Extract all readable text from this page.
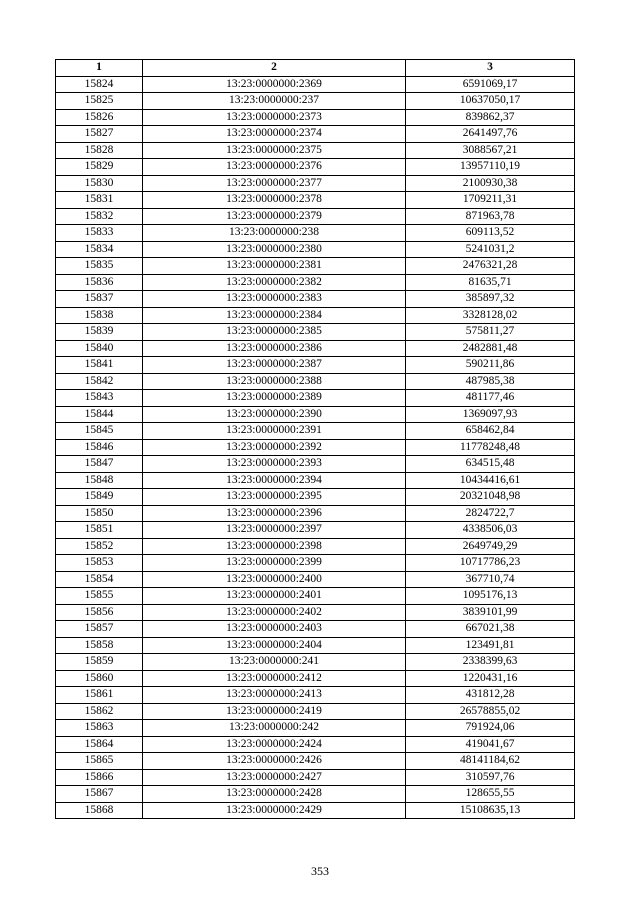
1	2	3
15824	13:23:0000000:2369	6591069,17
15825	13:23:0000000:237	10637050,17
15826	13:23:0000000:2373	839862,37
15827	13:23:0000000:2374	2641497,76
15828	13:23:0000000:2375	3088567,21
15829	13:23:0000000:2376	13957110,19
15830	13:23:0000000:2377	2100930,38
15831	13:23:0000000:2378	1709211,31
15832	13:23:0000000:2379	871963,78
15833	13:23:0000000:238	609113,52
15834	13:23:0000000:2380	5241031,2
15835	13:23:0000000:2381	2476321,28
15836	13:23:0000000:2382	81635,71
15837	13:23:0000000:2383	385897,32
15838	13:23:0000000:2384	3328128,02
15839	13:23:0000000:2385	575811,27
15840	13:23:0000000:2386	2482881,48
15841	13:23:0000000:2387	590211,86
15842	13:23:0000000:2388	487985,38
15843	13:23:0000000:2389	481177,46
15844	13:23:0000000:2390	1369097,93
15845	13:23:0000000:2391	658462,84
15846	13:23:0000000:2392	11778248,48
15847	13:23:0000000:2393	634515,48
15848	13:23:0000000:2394	10434416,61
15849	13:23:0000000:2395	20321048,98
15850	13:23:0000000:2396	2824722,7
15851	13:23:0000000:2397	4338506,03
15852	13:23:0000000:2398	2649749,29
15853	13:23:0000000:2399	10717786,23
15854	13:23:0000000:2400	367710,74
15855	13:23:0000000:2401	1095176,13
15856	13:23:0000000:2402	3839101,99
15857	13:23:0000000:2403	667021,38
15858	13:23:0000000:2404	123491,81
15859	13:23:0000000:241	2338399,63
15860	13:23:0000000:2412	1220431,16
15861	13:23:0000000:2413	431812,28
15862	13:23:0000000:2419	26578855,02
15863	13:23:0000000:242	791924,06
15864	13:23:0000000:2424	419041,67
15865	13:23:0000000:2426	48141184,62
15866	13:23:0000000:2427	310597,76
15867	13:23:0000000:2428	128655,55
15868	13:23:0000000:2429	15108635,13
353
